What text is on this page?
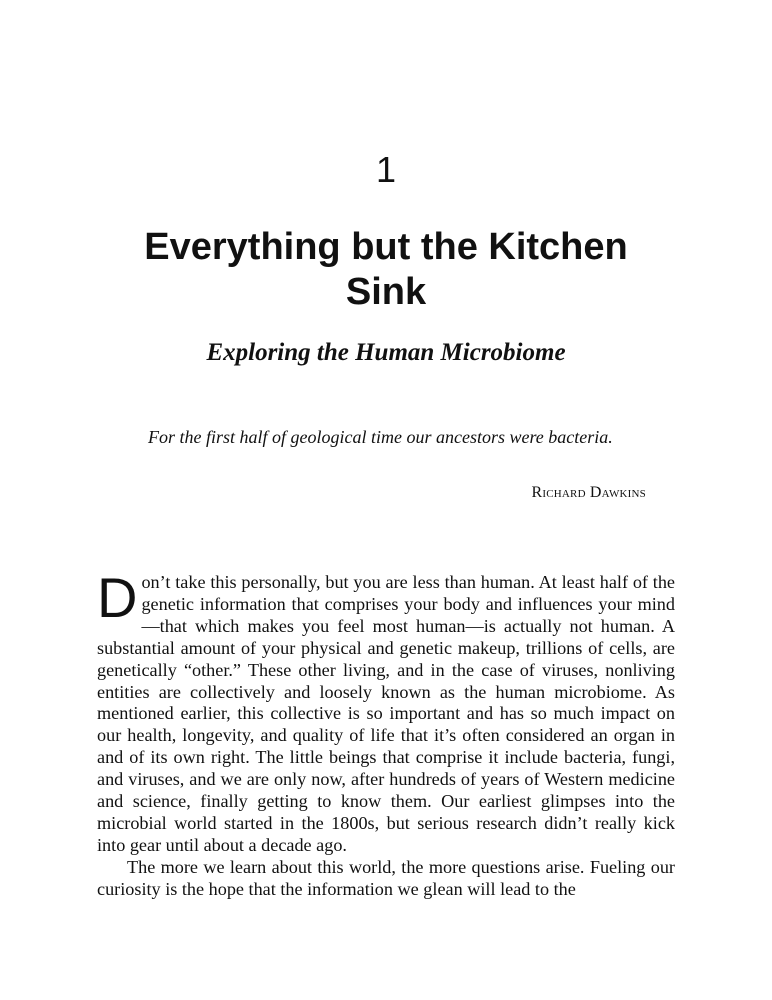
1
Everything but the Kitchen Sink
Exploring the Human Microbiome

For the first half of geological time our ancestors were bacteria.

Richard Dawkins

Don’t take this personally, but you are less than human. At least half of the genetic information that comprises your body and influences your mind—that which makes you feel most human—is actually not human. A substantial amount of your physical and genetic makeup, trillions of cells, are genetically “other.” These other living, and in the case of viruses, nonliving entities are collectively and loosely known as the human microbiome. As mentioned earlier, this collective is so important and has so much impact on our health, longevity, and quality of life that it’s often considered an organ in and of its own right. The little beings that comprise it include bacteria, fungi, and viruses, and we are only now, after hundreds of years of Western medicine and science, finally getting to know them. Our earliest glimpses into the microbial world started in the 1800s, but serious research didn’t really kick into gear until about a decade ago.

The more we learn about this world, the more questions arise. Fueling our curiosity is the hope that the information we glean will lead to the
